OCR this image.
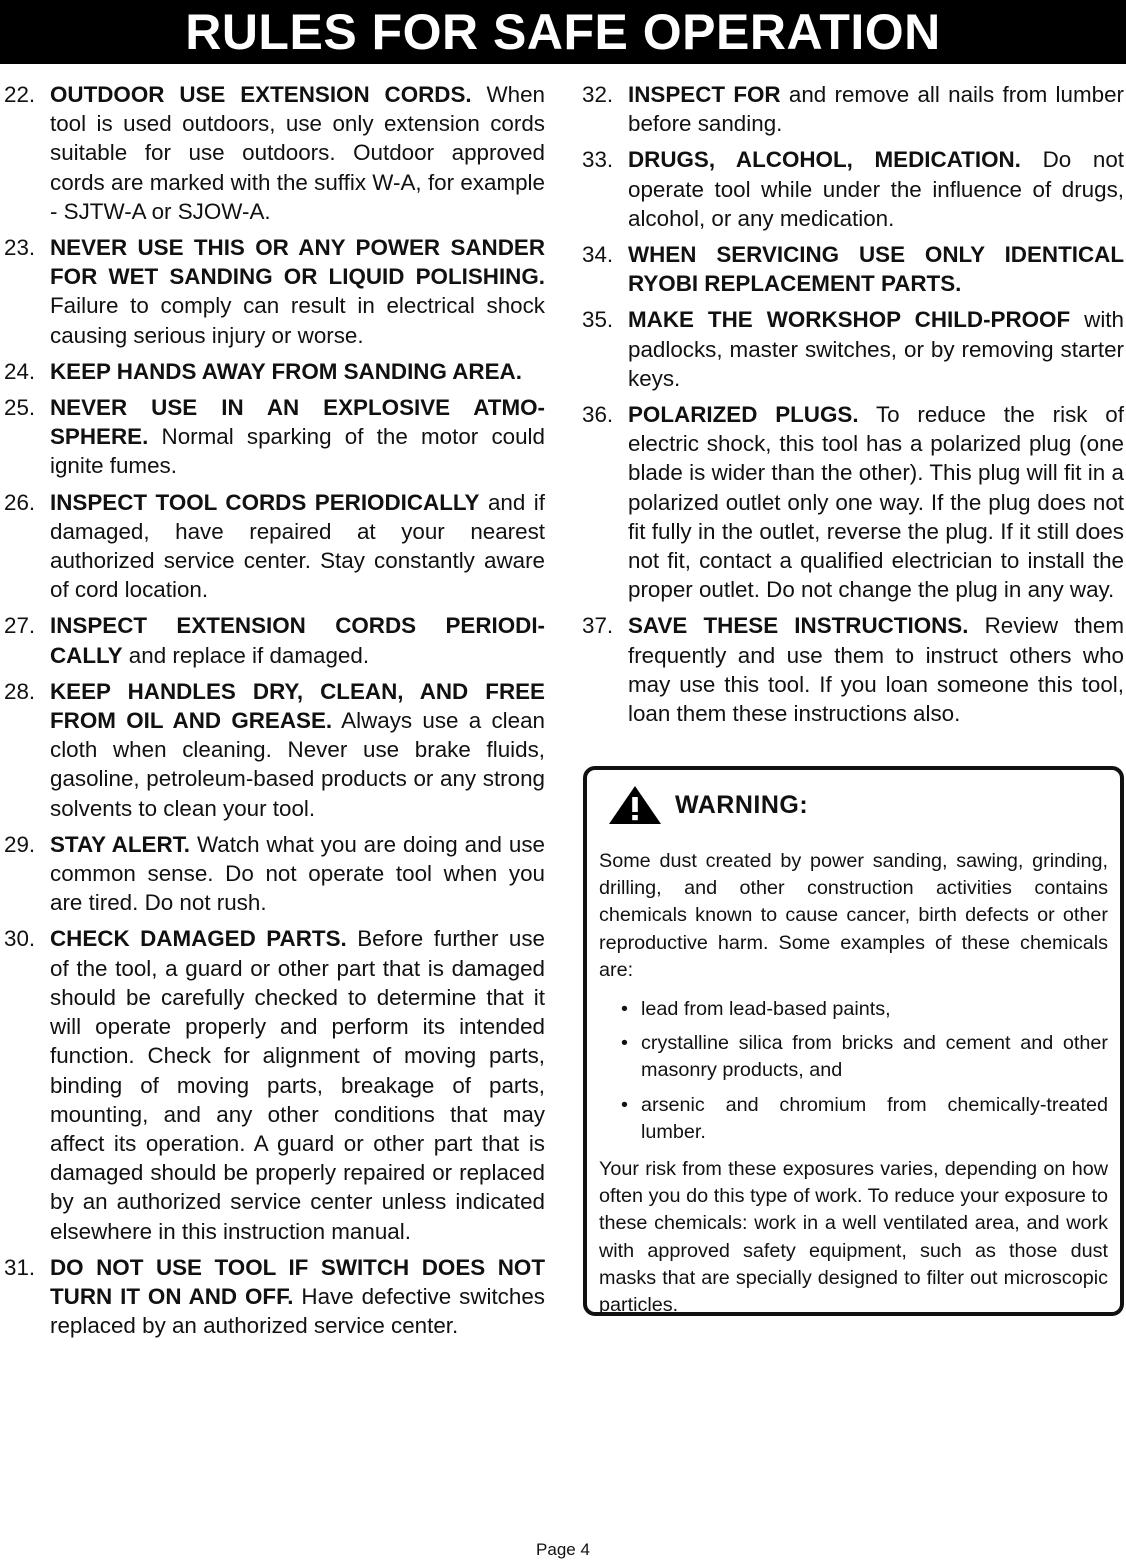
RULES FOR SAFE OPERATION
22. OUTDOOR USE EXTENSION CORDS. When tool is used outdoors, use only extension cords suitable for use outdoors. Outdoor approved cords are marked with the suffix W-A, for example - SJTW-A or SJOW-A.
23. NEVER USE THIS OR ANY POWER SANDER FOR WET SANDING OR LIQUID POLISHING. Failure to comply can result in electrical shock causing serious injury or worse.
24. KEEP HANDS AWAY FROM SANDING AREA.
25. NEVER USE IN AN EXPLOSIVE ATMO-SPHERE. Normal sparking of the motor could ignite fumes.
26. INSPECT TOOL CORDS PERIODICALLY and if damaged, have repaired at your nearest authorized service center. Stay constantly aware of cord location.
27. INSPECT EXTENSION CORDS PERIODI-CALLY and replace if damaged.
28. KEEP HANDLES DRY, CLEAN, AND FREE FROM OIL AND GREASE. Always use a clean cloth when cleaning. Never use brake fluids, gasoline, petroleum-based products or any strong solvents to clean your tool.
29. STAY ALERT. Watch what you are doing and use common sense. Do not operate tool when you are tired. Do not rush.
30. CHECK DAMAGED PARTS. Before further use of the tool, a guard or other part that is damaged should be carefully checked to determine that it will operate properly and perform its intended function. Check for alignment of moving parts, binding of moving parts, breakage of parts, mounting, and any other conditions that may affect its operation. A guard or other part that is damaged should be properly repaired or replaced by an authorized service center unless indicated elsewhere in this instruction manual.
31. DO NOT USE TOOL IF SWITCH DOES NOT TURN IT ON AND OFF. Have defective switches replaced by an authorized service center.
32. INSPECT FOR and remove all nails from lumber before sanding.
33. DRUGS, ALCOHOL, MEDICATION. Do not operate tool while under the influence of drugs, alcohol, or any medication.
34. WHEN SERVICING USE ONLY IDENTICAL RYOBI REPLACEMENT PARTS.
35. MAKE THE WORKSHOP CHILD-PROOF with padlocks, master switches, or by removing starter keys.
36. POLARIZED PLUGS. To reduce the risk of electric shock, this tool has a polarized plug (one blade is wider than the other). This plug will fit in a polarized outlet only one way. If the plug does not fit fully in the outlet, reverse the plug. If it still does not fit, contact a qualified electrician to install the proper outlet. Do not change the plug in any way.
37. SAVE THESE INSTRUCTIONS. Review them frequently and use them to instruct others who may use this tool. If you loan someone this tool, loan them these instructions also.
WARNING:
Some dust created by power sanding, sawing, grinding, drilling, and other construction activities contains chemicals known to cause cancer, birth defects or other reproductive harm. Some examples of these chemicals are:
• lead from lead-based paints,
• crystalline silica from bricks and cement and other masonry products, and
• arsenic and chromium from chemically-treated lumber.
Your risk from these exposures varies, depending on how often you do this type of work. To reduce your exposure to these chemicals: work in a well ventilated area, and work with approved safety equipment, such as those dust masks that are specially designed to filter out microscopic particles.
Page 4
